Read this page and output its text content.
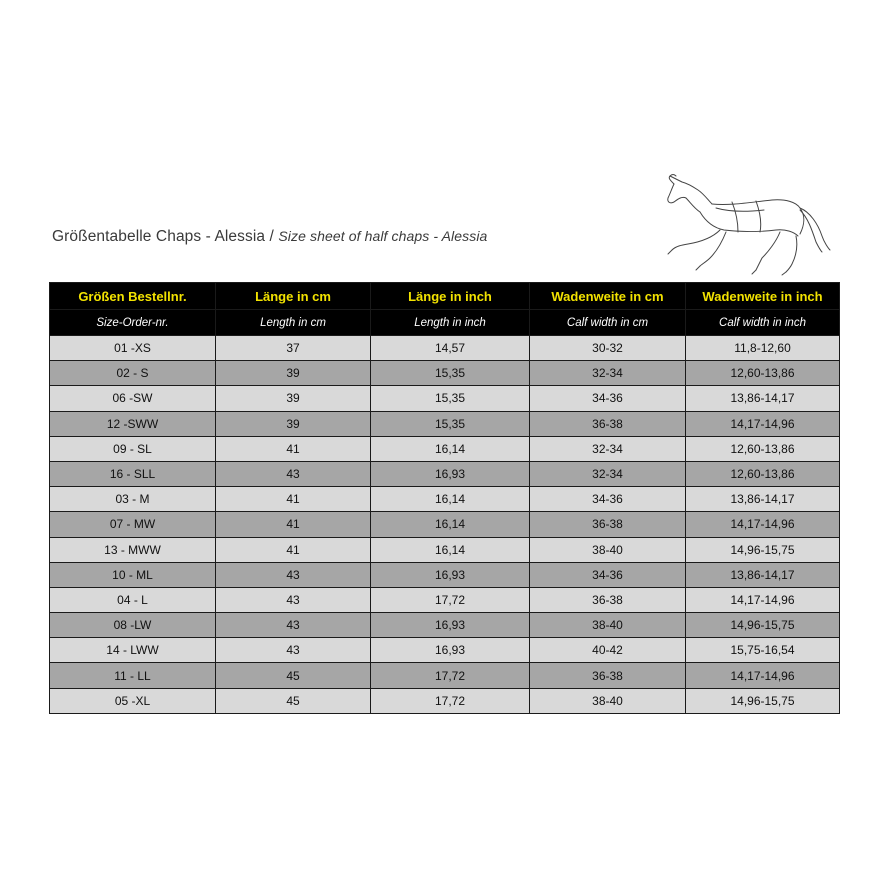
Größentabelle Chaps - Alessia / Size sheet of half chaps - Alessia
Größen Bestellnr.	Länge in cm	Länge in inch	Wadenweite in cm	Wadenweite in inch
Size-Order-nr.	Length in cm	Length in inch	Calf width in cm	Calf width in inch
01 -XS	37	14,57	30-32	11,8-12,60
02 - S	39	15,35	32-34	12,60-13,86
06 -SW	39	15,35	34-36	13,86-14,17
12 -SWW	39	15,35	36-38	14,17-14,96
09 - SL	41	16,14	32-34	12,60-13,86
16 - SLL	43	16,93	32-34	12,60-13,86
03 - M	41	16,14	34-36	13,86-14,17
07 - MW	41	16,14	36-38	14,17-14,96
13 - MWW	41	16,14	38-40	14,96-15,75
10 - ML	43	16,93	34-36	13,86-14,17
04 - L	43	17,72	36-38	14,17-14,96
08 -LW	43	16,93	38-40	14,96-15,75
14 - LWW	43	16,93	40-42	15,75-16,54
11 - LL	45	17,72	36-38	14,17-14,96
05 -XL	45	17,72	38-40	14,96-15,75
